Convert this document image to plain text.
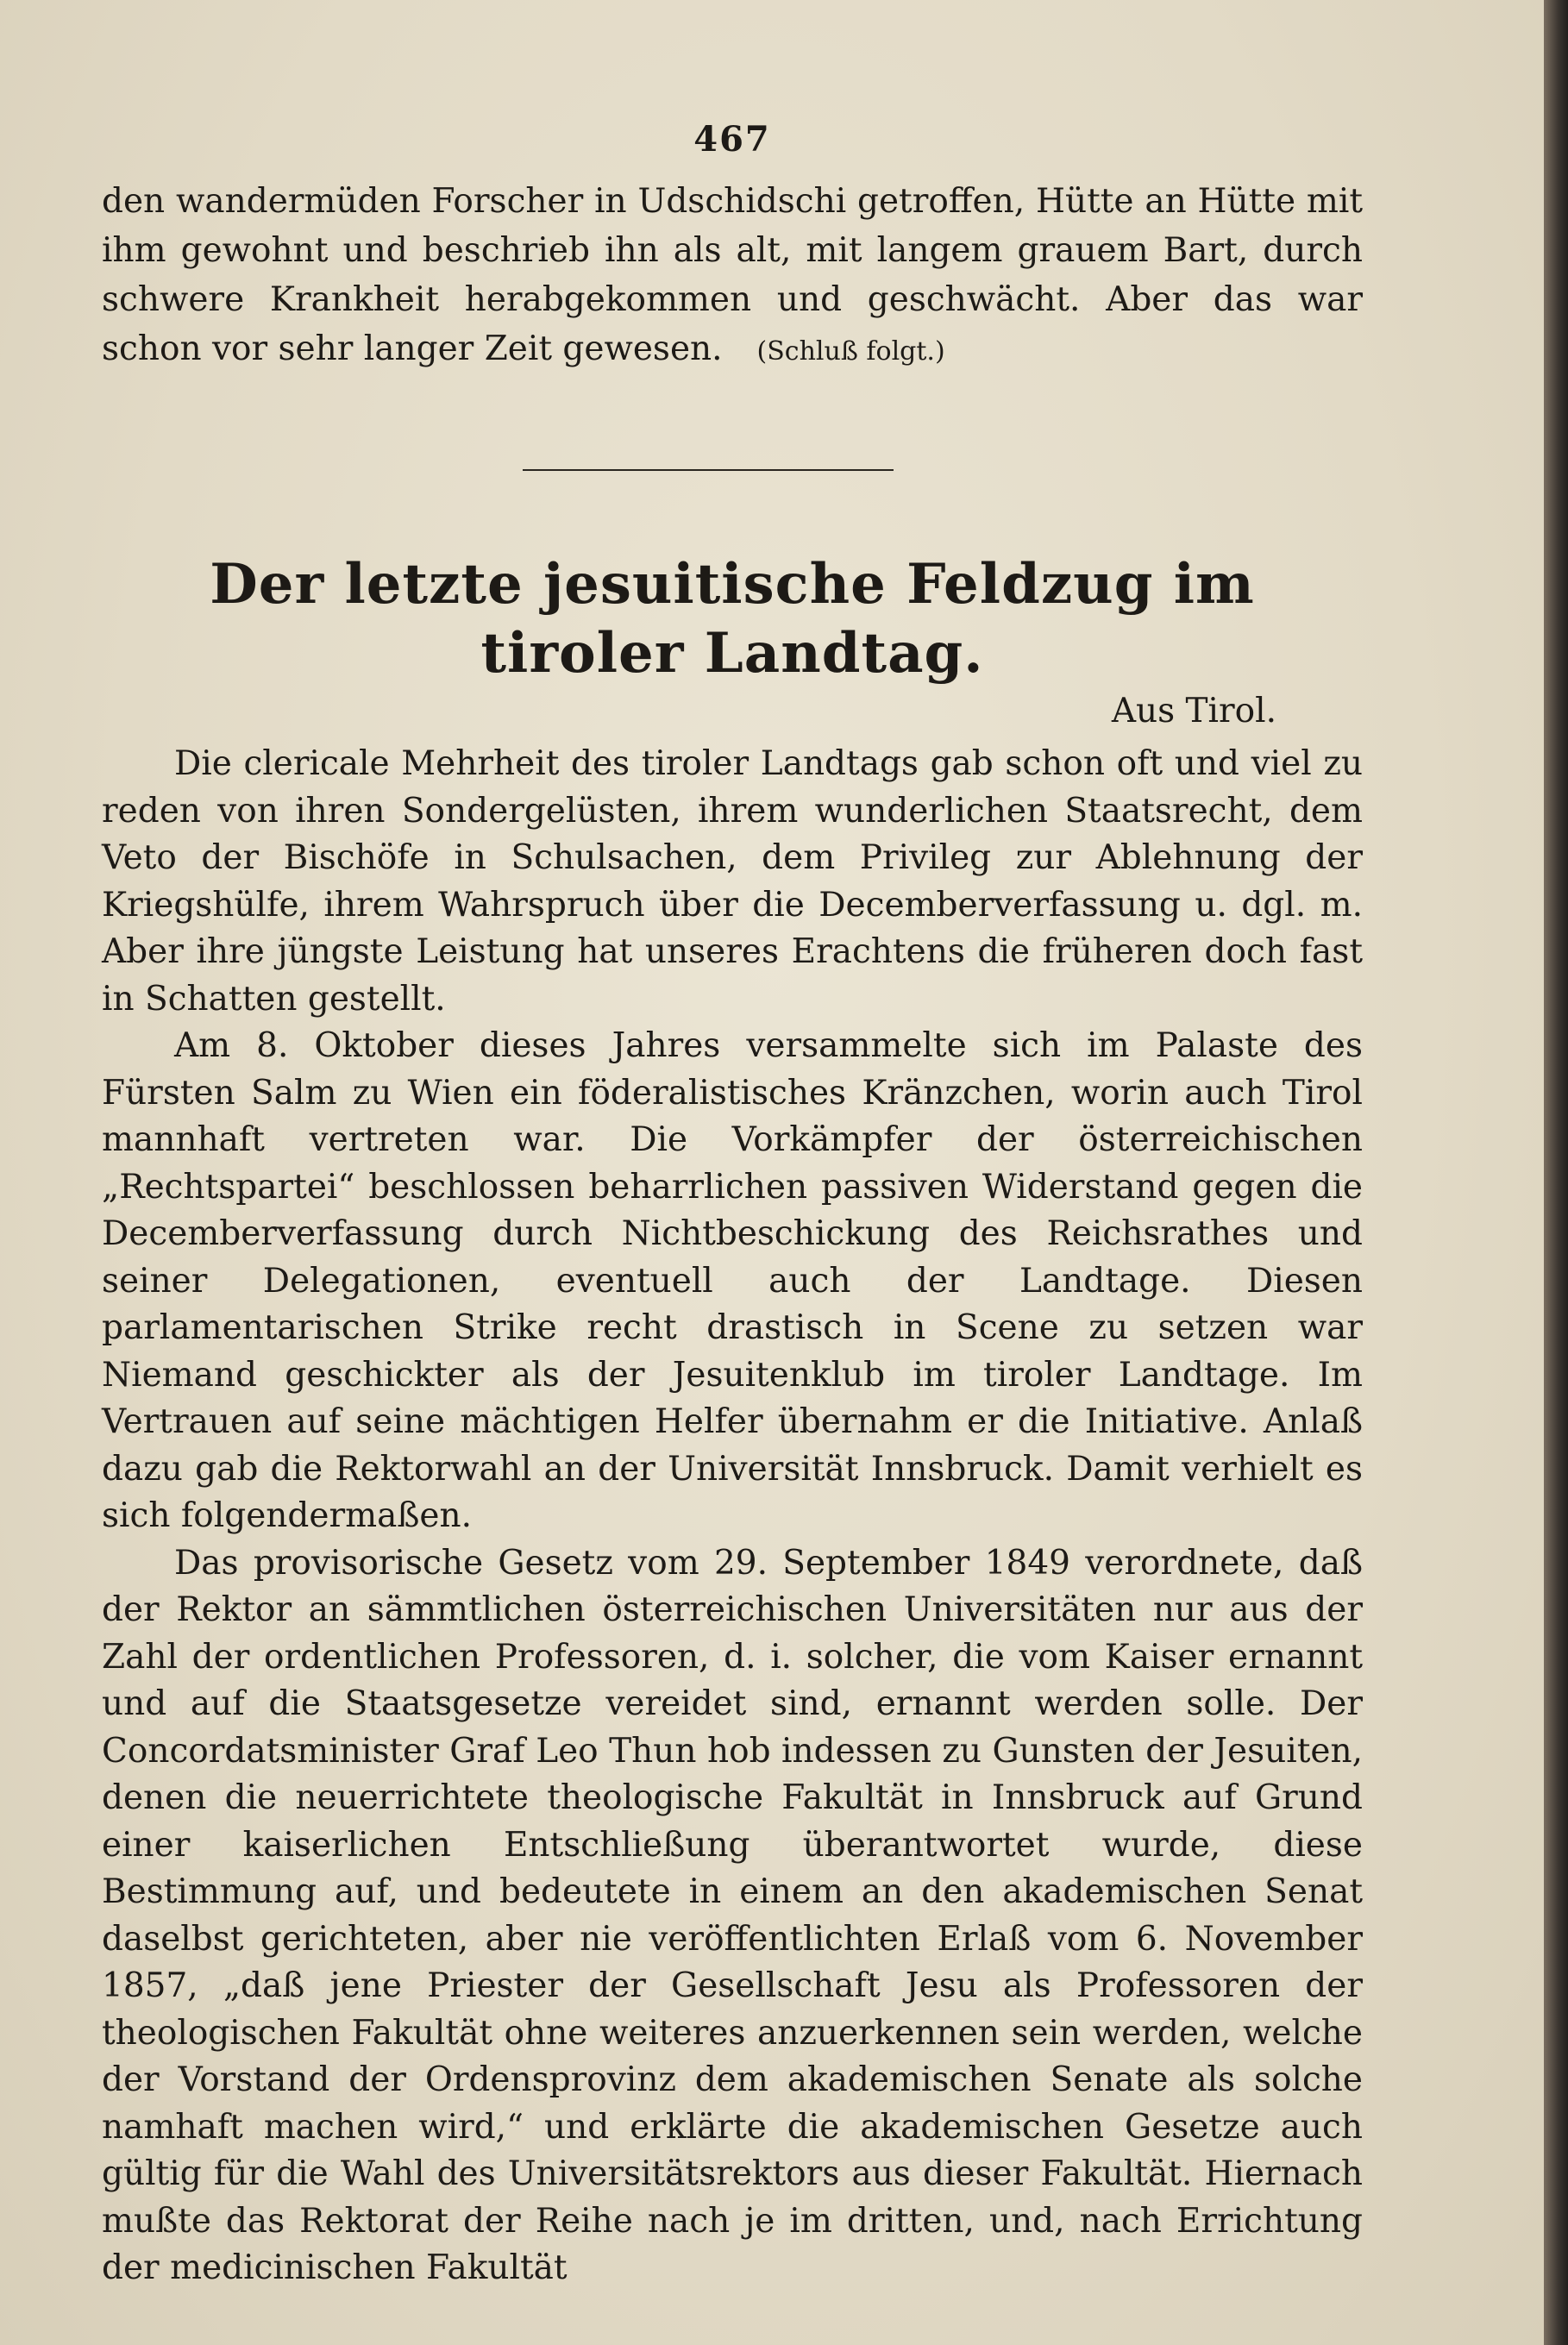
467

den wandermüden Forscher in Udschidschi getroffen, Hütte an Hütte mit ihm gewohnt und beschrieb ihn als alt, mit langem grauem Bart, durch schwere Krankheit herabgekommen und geschwächt. Aber das war schon vor sehr langer Zeit gewesen. (Schluß folgt.)

Der letzte jesuitische Feldzug im tiroler Landtag.
Aus Tirol.

Die clericale Mehrheit des tiroler Landtags gab schon oft und viel zu reden von ihren Sondergelüsten, ihrem wunderlichen Staatsrecht, dem Veto der Bischöfe in Schulsachen, dem Privileg zur Ablehnung der Kriegshülfe, ihrem Wahrspruch über die Decemberverfassung u. dgl. m. Aber ihre jüngste Leistung hat unseres Erachtens die früheren doch fast in Schatten gestellt.

Am 8. Oktober dieses Jahres versammelte sich im Palaste des Fürsten Salm zu Wien ein föderalistisches Kränzchen, worin auch Tirol mannhaft vertreten war. Die Vorkämpfer der österreichischen „Rechtspartei“ beschlossen beharrlichen passiven Widerstand gegen die Decemberverfassung durch Nichtbeschickung des Reichsrathes und seiner Delegationen, eventuell auch der Landtage. Diesen parlamentarischen Strike recht drastisch in Scene zu setzen war Niemand geschickter als der Jesuitenklub im tiroler Landtage. Im Vertrauen auf seine mächtigen Helfer übernahm er die Initiative. Anlaß dazu gab die Rektorwahl an der Universität Innsbruck. Damit verhielt es sich folgendermaßen.

Das provisorische Gesetz vom 29. September 1849 verordnete, daß der Rektor an sämmtlichen österreichischen Universitäten nur aus der Zahl der ordentlichen Professoren, d. i. solcher, die vom Kaiser ernannt und auf die Staatsgesetze vereidet sind, ernannt werden solle. Der Concordatsminister Graf Leo Thun hob indessen zu Gunsten der Jesuiten, denen die neuerrichtete theologische Fakultät in Innsbruck auf Grund einer kaiserlichen Entschließung überantwortet wurde, diese Bestimmung auf, und bedeutete in einem an den akademischen Senat daselbst gerichteten, aber nie veröffentlichten Erlaß vom 6. November 1857, „daß jene Priester der Gesellschaft Jesu als Professoren der theologischen Fakultät ohne weiteres anzuerkennen sein werden, welche der Vorstand der Ordensprovinz dem akademischen Senate als solche namhaft machen wird,“ und erklärte die akademischen Gesetze auch gültig für die Wahl des Universitätsrektors aus dieser Fakultät. Hiernach mußte das Rektorat der Reihe nach je im dritten, und, nach Errichtung der medicinischen Fakultät
